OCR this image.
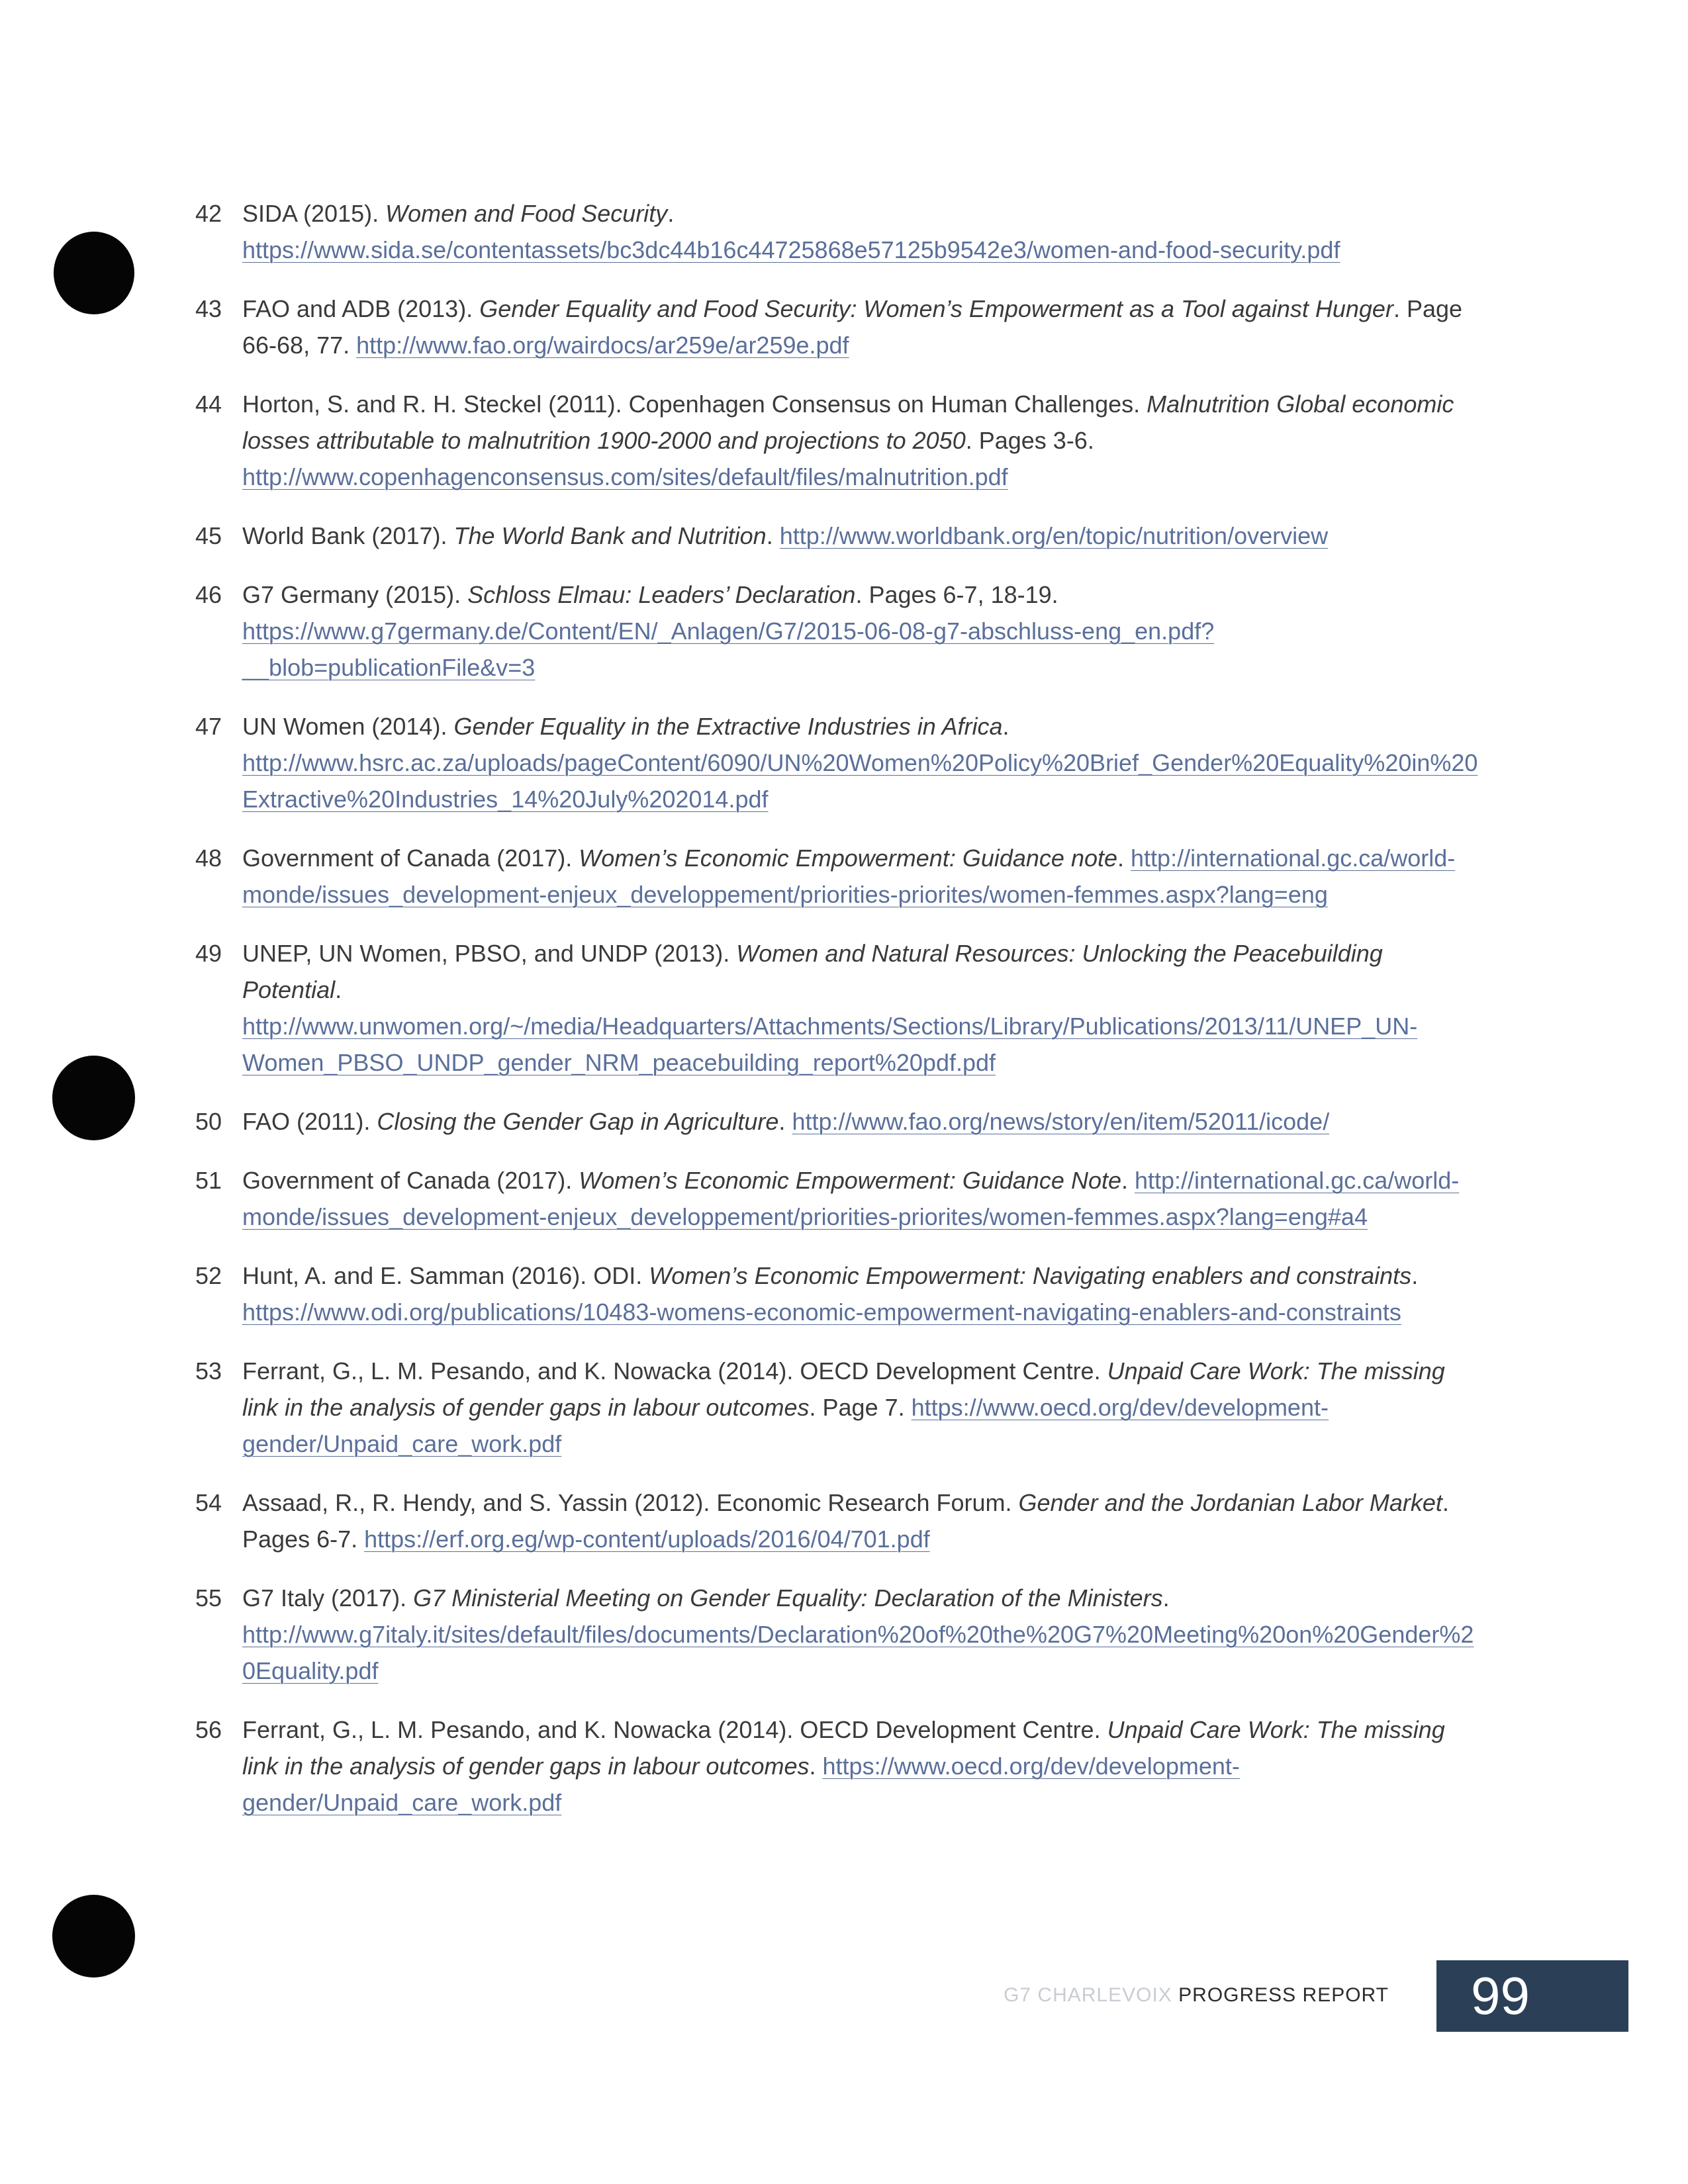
42 SIDA (2015). Women and Food Security. https://www.sida.se/contentassets/bc3dc44b16c44725868e57125b9542e3/women-and-food-security.pdf
43 FAO and ADB (2013). Gender Equality and Food Security: Women’s Empowerment as a Tool against Hunger. Page 66-68, 77. http://www.fao.org/wairdocs/ar259e/ar259e.pdf
44 Horton, S. and R. H. Steckel (2011). Copenhagen Consensus on Human Challenges. Malnutrition Global economic losses attributable to malnutrition 1900-2000 and projections to 2050. Pages 3-6. http://www.copenhagenconsensus.com/sites/default/files/malnutrition.pdf
45 World Bank (2017). The World Bank and Nutrition. http://www.worldbank.org/en/topic/nutrition/overview
46 G7 Germany (2015). Schloss Elmau: Leaders’ Declaration. Pages 6-7, 18-19. https://www.g7germany.de/Content/EN/_Anlagen/G7/2015-06-08-g7-abschluss-eng_en.pdf?__blob=publicationFile&v=3
47 UN Women (2014). Gender Equality in the Extractive Industries in Africa. http://www.hsrc.ac.za/uploads/pageContent/6090/UN%20Women%20Policy%20Brief_Gender%20Equality%20in%20Extractive%20Industries_14%20July%202014.pdf
48 Government of Canada (2017). Women’s Economic Empowerment: Guidance note. http://international.gc.ca/world-monde/issues_development-enjeux_developpement/priorities-priorites/women-femmes.aspx?lang=eng
49 UNEP, UN Women, PBSO, and UNDP (2013). Women and Natural Resources: Unlocking the Peacebuilding Potential. http://www.unwomen.org/~/media/Headquarters/Attachments/Sections/Library/Publications/2013/11/UNEP_UN-Women_PBSO_UNDP_gender_NRM_peacebuilding_report%20pdf.pdf
50 FAO (2011). Closing the Gender Gap in Agriculture. http://www.fao.org/news/story/en/item/52011/icode/
51 Government of Canada (2017). Women’s Economic Empowerment: Guidance Note. http://international.gc.ca/world-monde/issues_development-enjeux_developpement/priorities-priorites/women-femmes.aspx?lang=eng#a4
52 Hunt, A. and E. Samman (2016). ODI. Women’s Economic Empowerment: Navigating enablers and constraints. https://www.odi.org/publications/10483-womens-economic-empowerment-navigating-enablers-and-constraints
53 Ferrant, G., L. M. Pesando, and K. Nowacka (2014). OECD Development Centre. Unpaid Care Work: The missing link in the analysis of gender gaps in labour outcomes. Page 7. https://www.oecd.org/dev/development-gender/Unpaid_care_work.pdf
54 Assaad, R., R. Hendy, and S. Yassin (2012). Economic Research Forum. Gender and the Jordanian Labor Market. Pages 6-7. https://erf.org.eg/wp-content/uploads/2016/04/701.pdf
55 G7 Italy (2017). G7 Ministerial Meeting on Gender Equality: Declaration of the Ministers. http://www.g7italy.it/sites/default/files/documents/Declaration%20of%20the%20G7%20Meeting%20on%20Gender%20Equality.pdf
56 Ferrant, G., L. M. Pesando, and K. Nowacka (2014). OECD Development Centre. Unpaid Care Work: The missing link in the analysis of gender gaps in labour outcomes. https://www.oecd.org/dev/development-gender/Unpaid_care_work.pdf
G7 CHARLEVOIX PROGRESS REPORT	99
